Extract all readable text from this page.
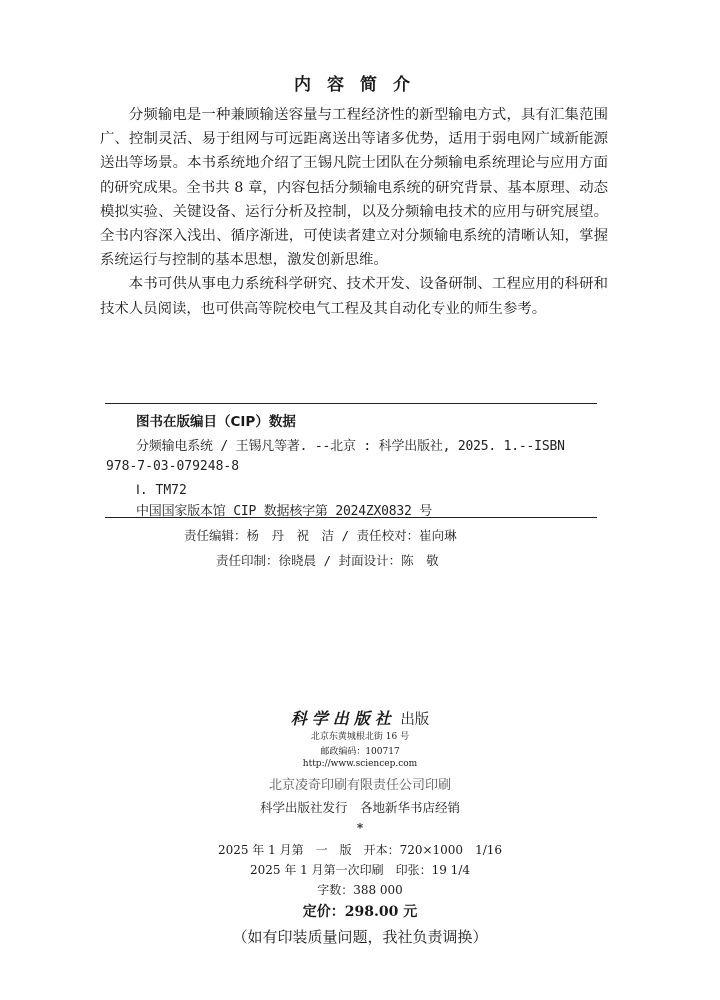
内容简介

分频输电是一种兼顾输送容量与工程经济性的新型输电方式，具有汇集范围广、控制灵活、易于组网与可远距离送出等诸多优势，适用于弱电网广域新能源送出等场景。本书系统地介绍了王锡凡院士团队在分频输电系统理论与应用方面的研究成果。全书共 8 章，内容包括分频输电系统的研究背景、基本原理、动态模拟实验、关键设备、运行分析及控制，以及分频输电技术的应用与研究展望。全书内容深入浅出、循序渐进，可使读者建立对分频输电系统的清晰认知，掌握系统运行与控制的基本思想，激发创新思维。

本书可供从事电力系统科学研究、技术开发、设备研制、工程应用的科研和技术人员阅读，也可供高等院校电气工程及其自动化专业的师生参考。

图书在版编目（CIP）数据
分频输电系统 / 王锡凡等著. --北京 : 科学出版社, 2025. 1.--ISBN
978-7-03-079248-8
Ⅰ. TM72
中国国家版本馆 CIP 数据核字第 2024ZX0832 号
责任编辑：杨　丹　祝　洁 / 责任校对：崔向琳
责任印制：徐晓晨 / 封面设计：陈　敬
科学出版社 出版
北京东黄城根北街 16 号
邮政编码：100717
http://www.sciencep.com
北京凌奇印刷有限责任公司印刷
科学出版社发行　各地新华书店经销
*
2025 年 1 月第　一　版　开本：720×1000　1/16
2025 年 1 月第一次印刷　印张：19 1/4
字数：388 000
定价：298.00 元
（如有印装质量问题，我社负责调换）
